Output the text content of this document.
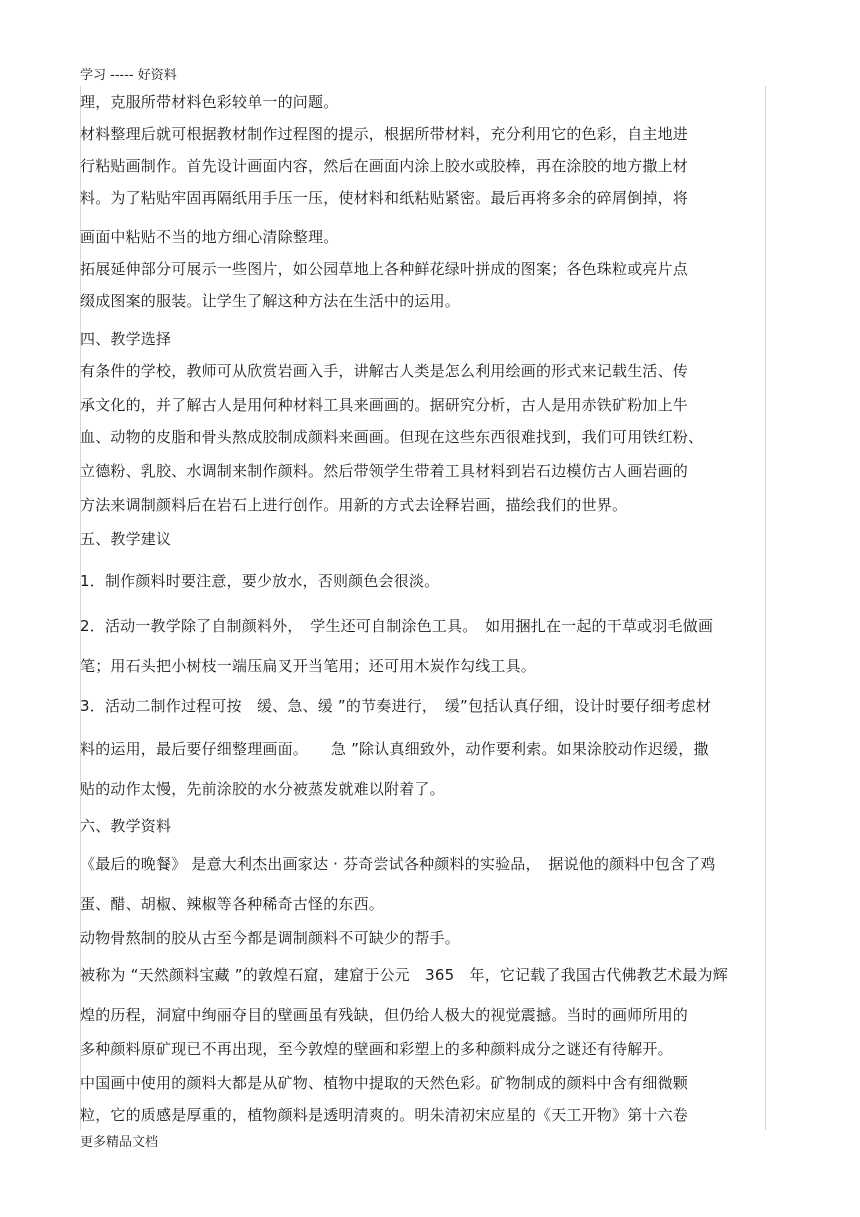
学习 ----- 好资料
理，克服所带材料色彩较单一的问题。
材料整理后就可根据教材制作过程图的提示，根据所带材料，充分利用它的色彩，自主地进
行粘贴画制作。首先设计画面内容，然后在画面内涂上胶水或胶棒，再在涂胶的地方撒上材
料。为了粘贴牢固再隔纸用手压一压，使材料和纸粘贴紧密。最后再将多余的碎屑倒掉，将
画面中粘贴不当的地方细心清除整理。
拓展延伸部分可展示一些图片，如公园草地上各种鲜花绿叶拼成的图案；各色珠粒或亮片点
缀成图案的服装。让学生了解这种方法在生活中的运用。
四、教学选择
有条件的学校，教师可从欣赏岩画入手，讲解古人类是怎么利用绘画的形式来记载生活、传
承文化的，并了解古人是用何种材料工具来画画的。据研究分析，古人是用赤铁矿粉加上牛
血、动物的皮脂和骨头熬成胶制成颜料来画画。但现在这些东西很难找到，我们可用铁红粉、
立德粉、乳胶、水调制来制作颜料。然后带领学生带着工具材料到岩石边模仿古人画岩画的
方法来调制颜料后在岩石上进行创作。用新的方式去诠释岩画，描绘我们的世界。
五、教学建议
1．制作颜料时要注意，要少放水，否则颜色会很淡。
2．活动一教学除了自制颜料外，　学生还可自制涂色工具。　如用捆扎在一起的干草或羽毛做画
笔；用石头把小树枝一端压扁叉开当笔用；还可用木炭作勾线工具。
3．活动二制作过程可按　缓、急、缓 ”的节奏进行，　缓”包括认真仔细，设计时要仔细考虑材
料的运用，最后要仔细整理画面。　　急 ”除认真细致外，动作要利索。如果涂胶动作迟缓，撒
贴的动作太慢，先前涂胶的水分被蒸发就难以附着了。
六、教学资料
《最后的晚餐》 是意大利杰出画家达 · 芬奇尝试各种颜料的实验品，　据说他的颜料中包含了鸡
蛋、醋、胡椒、辣椒等各种稀奇古怪的东西。
动物骨熬制的胶从古至今都是调制颜料不可缺少的帮手。
被称为 “天然颜料宝藏 ”的敦煌石窟，建窟于公元　365　年，它记载了我国古代佛教艺术最为辉
煌的历程，洞窟中绚丽夺目的壁画虽有残缺，但仍给人极大的视觉震撼。当时的画师所用的
多种颜料原矿现已不再出现，至今敦煌的壁画和彩塑上的多种颜料成分之谜还有待解开。
中国画中使用的颜料大都是从矿物、植物中提取的天然色彩。矿物制成的颜料中含有细微颗
粒，它的质感是厚重的，植物颜料是透明清爽的。明朱清初宋应星的《天工开物》第十六卷
更多精品文档
